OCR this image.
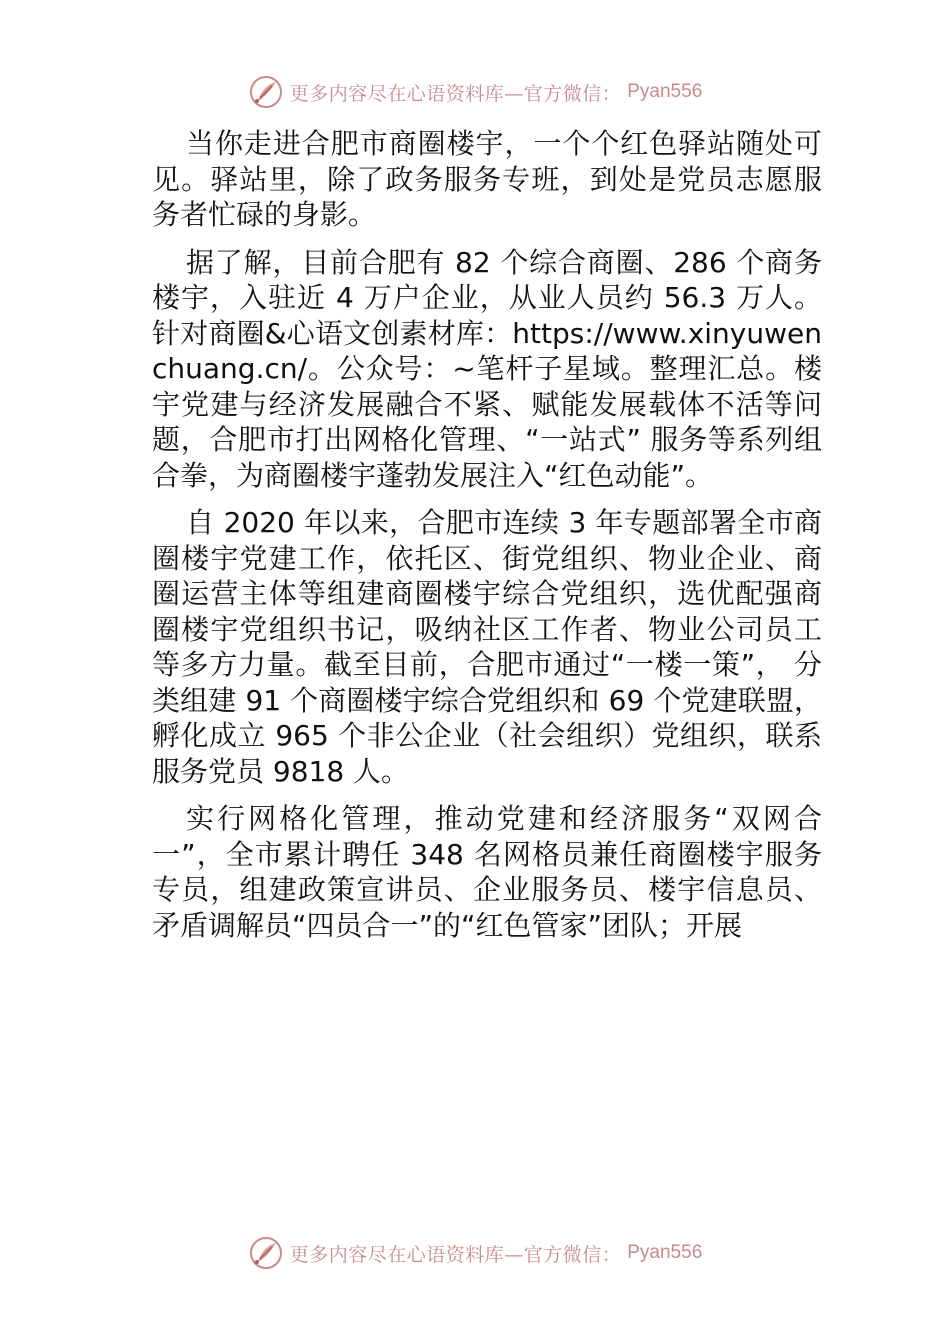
更多内容尽在心语资料库—官方微信： Pyan556

当你走进合肥市商圈楼宇，一个个红色驿站随处可见。驿站里，除了政务服务专班，到处是党员志愿服务者忙碌的身影。

据了解，目前合肥有 82 个综合商圈、286 个商务楼宇，入驻近 4 万户企业，从业人员约 56.3 万人。针对商圈&心语文创素材库：https://www.xinyuwenchuang.cn/。公众号：~笔杆子星域。整理汇总。楼宇党建与经济发展融合不紧、赋能发展载体不活等问题，合肥市打出网格化管理、“一站式” 服务等系列组合拳，为商圈楼宇蓬勃发展注入“红色动能”。

自 2020 年以来，合肥市连续 3 年专题部署全市商圈楼宇党建工作，依托区、街党组织、物业企业、商圈运营主体等组建商圈楼宇综合党组织，选优配强商圈楼宇党组织书记，吸纳社区工作者、物业公司员工等多方力量。截至目前，合肥市通过“一楼一策”， 分类组建 91 个商圈楼宇综合党组织和 69 个党建联盟，孵化成立 965 个非公企业（社会组织）党组织，联系服务党员 9818 人。

实行网格化管理，推动党建和经济服务“双网合一”，全市累计聘任 348 名网格员兼任商圈楼宇服务专员，组建政策宣讲员、企业服务员、楼宇信息员、矛盾调解员“四员合一”的“红色管家”团队；开展

更多内容尽在心语资料库—官方微信： Pyan556
